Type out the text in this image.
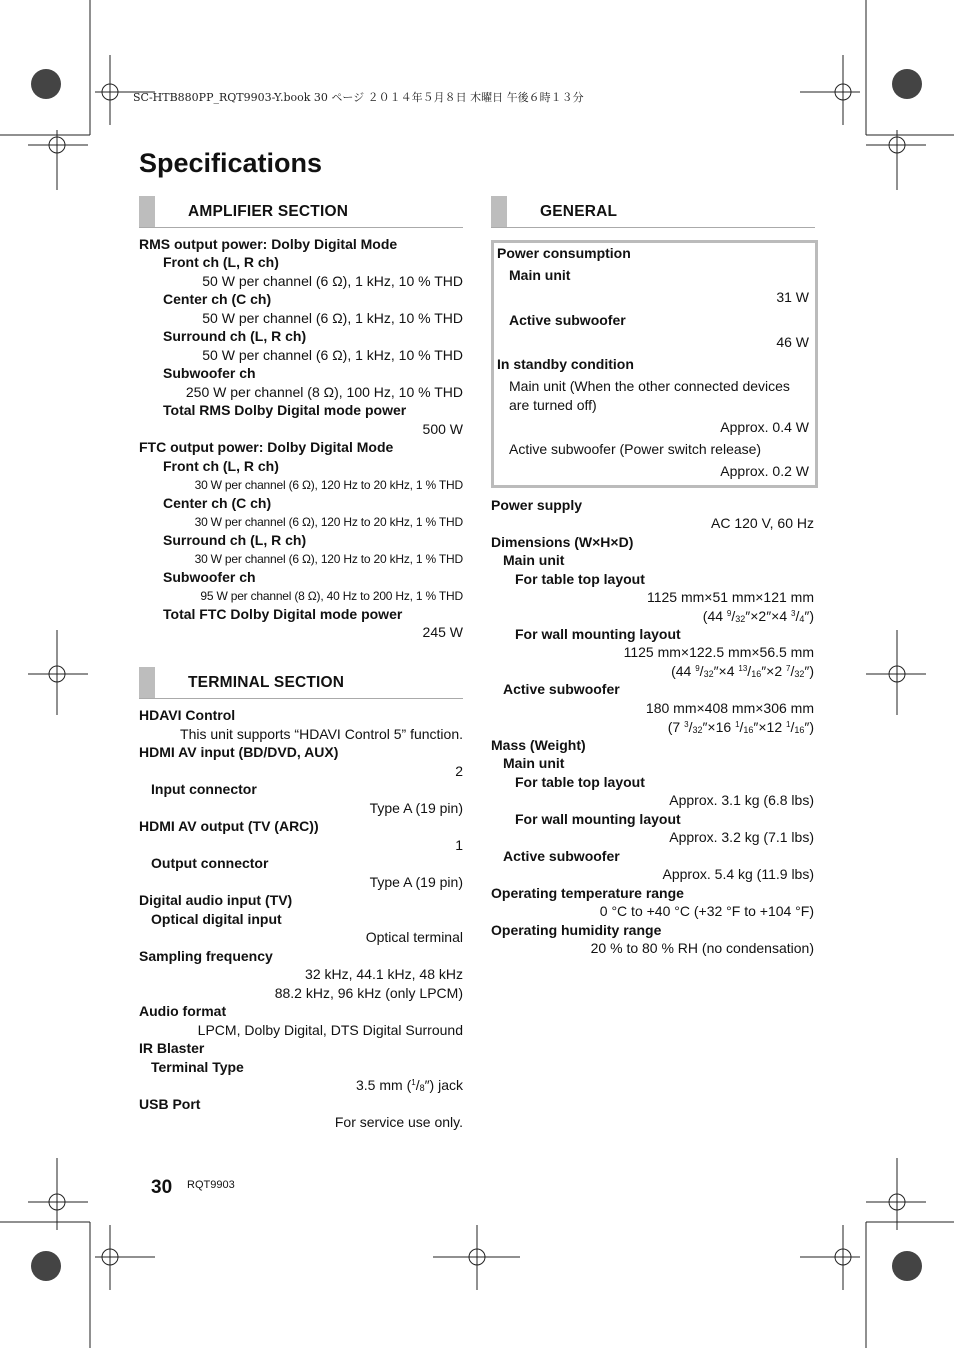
SC-HTB880PP_RQT9903-Y.book 30 ページ ２０１４年５月８日 木曜日 午後６時１３分
Specifications
AMPLIFIER SECTION
RMS output power: Dolby Digital Mode
Front ch (L, R ch)
50 W per channel (6 Ω), 1 kHz, 10 % THD
Center ch (C ch)
50 W per channel (6 Ω), 1 kHz, 10 % THD
Surround ch (L, R ch)
50 W per channel (6 Ω), 1 kHz, 10 % THD
Subwoofer ch
250 W per channel (8 Ω), 100 Hz, 10 % THD
Total RMS Dolby Digital mode power
500 W
FTC output power: Dolby Digital Mode
Front ch (L, R ch)
30 W per channel (6 Ω), 120 Hz to 20 kHz, 1 % THD
Center ch (C ch)
30 W per channel (6 Ω), 120 Hz to 20 kHz, 1 % THD
Surround ch (L, R ch)
30 W per channel (6 Ω), 120 Hz to 20 kHz, 1 % THD
Subwoofer ch
95 W per channel (8 Ω), 40 Hz to 200 Hz, 1 % THD
Total FTC Dolby Digital mode power
245 W
TERMINAL SECTION
HDAVI Control
This unit supports “HDAVI Control 5” function.
HDMI AV input (BD/DVD, AUX)
2
Input connector
Type A (19 pin)
HDMI AV output (TV (ARC))
1
Output connector
Type A (19 pin)
Digital audio input (TV)
Optical digital input
Optical terminal
Sampling frequency
32 kHz, 44.1 kHz, 48 kHz
88.2 kHz, 96 kHz (only LPCM)
Audio format
LPCM, Dolby Digital, DTS Digital Surround
IR Blaster
Terminal Type
3.5 mm $(^1/_8'')$ jack
USB Port
For service use only.
GENERAL
Power consumption
Main unit
31 W
Active subwoofer
46 W
In standby condition
Main unit (When the other connected devices
are turned off)
Approx. 0.4 W
Active subwoofer (Power switch release)
Approx. 0.2 W
Power supply
AC 120 V, 60 Hz
Dimensions (W×H×D)
Main unit
For table top layout
1125 mm×51 mm×121 mm
(44 $^9/_{32}''\times 2''\times 4$ $^3/_4''$)
For wall mounting layout
1125 mm×122.5 mm×56.5 mm
(44 $^9/_{32}''\times 4$ $^{13}/_{16}''\times 2$ $^7/_{32}''$)
Active subwoofer
180 mm×408 mm×306 mm
(7 $^3/_{32}''\times 16$ $^1/_{16}''\times 12$ $^1/_{16}''$)
Mass (Weight)
Main unit
For table top layout
Approx. 3.1 kg (6.8 lbs)
For wall mounting layout
Approx. 3.2 kg (7.1 lbs)
Active subwoofer
Approx. 5.4 kg (11.9 lbs)
Operating temperature range
0 °C to +40 °C (+32 °F to +104 °F)
Operating humidity range
20 % to 80 % RH (no condensation)
30 RQT9903
